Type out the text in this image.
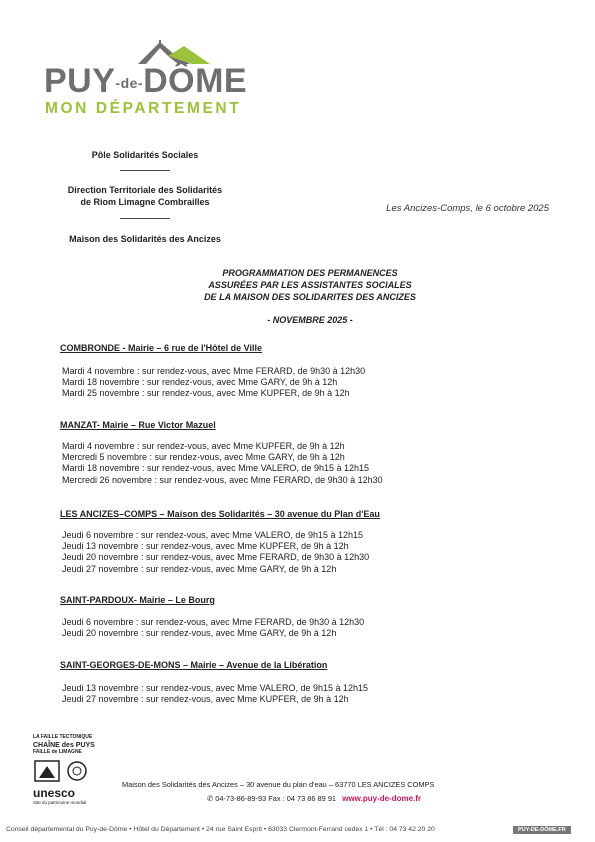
PUY-de-DÔME
MON DÉPARTEMENT
Pôle Solidarités Sociales
Direction Territoriale des Solidarités
de Riom Limagne Combrailles
Maison des Solidarités des Ancizes
Les Ancizes-Comps, le 6 octobre 2025
PROGRAMMATION DES PERMANENCES
ASSURÉES PAR LES ASSISTANTES SOCIALES
DE LA MAISON DES SOLIDARITES DES ANCIZES
- NOVEMBRE 2025 -
COMBRONDE - Mairie – 6 rue de l'Hôtel de Ville
Mardi 4 novembre : sur rendez-vous, avec Mme FERARD, de 9h30 à 12h30
Mardi 18 novembre : sur rendez-vous, avec Mme GARY, de 9h à 12h
Mardi 25 novembre : sur rendez-vous, avec Mme KUPFER, de 9h à 12h
MANZAT- Mairie – Rue Victor Mazuel
Mardi 4 novembre : sur rendez-vous, avec Mme KUPFER, de 9h à 12h
Mercredi 5 novembre : sur rendez-vous, avec Mme GARY, de 9h à 12h
Mardi 18 novembre : sur rendez-vous, avec Mme VALERO, de 9h15 à 12h15
Mercredi 26 novembre : sur rendez-vous, avec Mme FERARD, de 9h30 à 12h30
LES ANCIZES–COMPS – Maison des Solidarités – 30 avenue du Plan d'Eau
Jeudi 6 novembre : sur rendez-vous, avec Mme VALERO, de 9h15 à 12h15
Jeudi 13 novembre : sur rendez-vous, avec Mme KUPFER, de 9h à 12h
Jeudi 20 novembre : sur rendez-vous, avec Mme FERARD, de 9h30 à 12h30
Jeudi 27 novembre : sur rendez-vous, avec Mme GARY, de 9h à 12h
SAINT-PARDOUX- Mairie – Le Bourg
Jeudi 6 novembre : sur rendez-vous, avec Mme FERARD, de 9h30 à 12h30
Jeudi 20 novembre : sur rendez-vous, avec Mme GARY, de 9h à 12h
SAINT-GEORGES-DE-MONS – Mairie – Avenue de la Libération
Jeudi 13 novembre : sur rendez-vous, avec Mme VALERO, de 9h15 à 12h15
Jeudi 27 novembre : sur rendez-vous, avec Mme KUPFER, de 9h à 12h
LA FAILLE TECTONIQUE
CHAÎNE des PUYS
FAILLE de LIMAGNE
unesco
Site du patrimoine mondial
Maison des Solidarités des Ancizes – 30 avenue du plan d'eau – 63770 LES ANCIZES COMPS
✆ 04-73-86-89-93 Fax : 04 73 86 89 91 www.puy-de-dome.fr
Conseil départemental du Puy-de-Dôme • Hôtel du Département • 24 rue Saint Esprit • 63033 Clermont-Ferrand cedex 1 • Tél : 04 73 42 20 20	PUY-DE-DÔME.FR
